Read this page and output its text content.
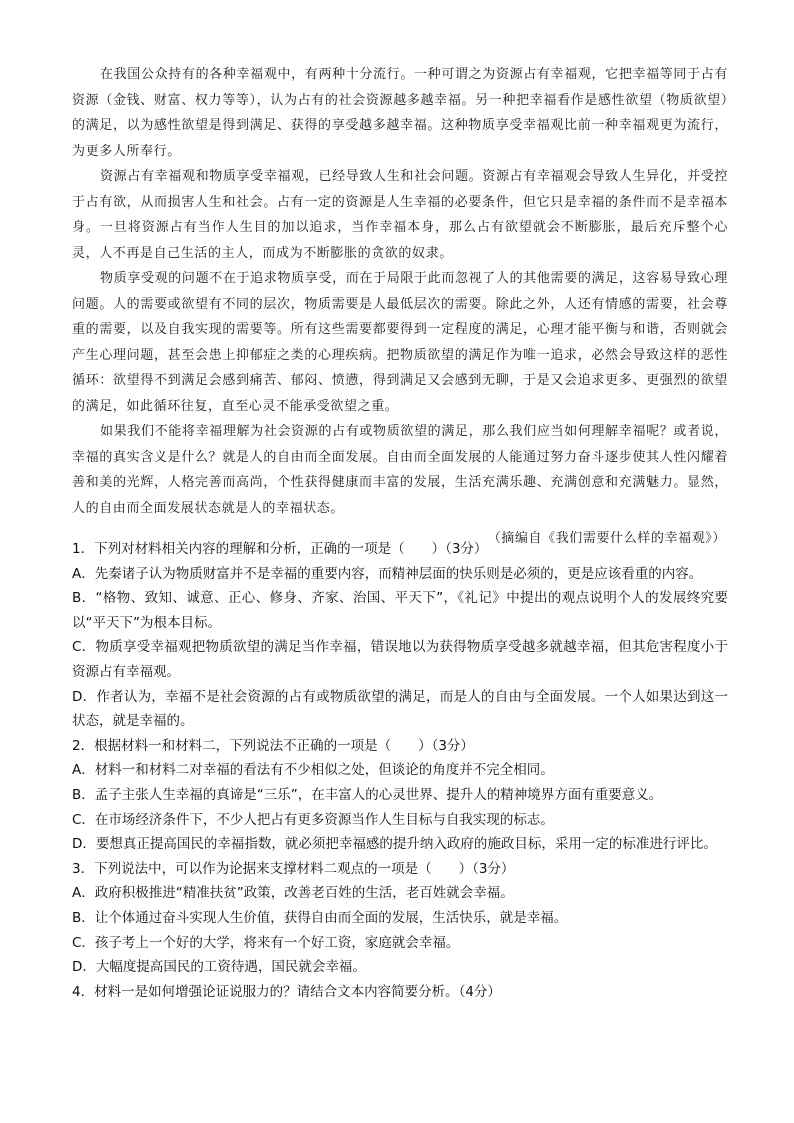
在我国公众持有的各种幸福观中，有两种十分流行。一种可谓之为资源占有幸福观，它把幸福等同于占有资源（金钱、财富、权力等等），认为占有的社会资源越多越幸福。另一种把幸福看作是感性欲望（物质欲望）的满足，以为感性欲望是得到满足、获得的享受越多越幸福。这种物质享受幸福观比前一种幸福观更为流行，为更多人所奉行。

资源占有幸福观和物质享受幸福观，已经导致人生和社会问题。资源占有幸福观会导致人生异化，并受控于占有欲，从而损害人生和社会。占有一定的资源是人生幸福的必要条件，但它只是幸福的条件而不是幸福本身。一旦将资源占有当作人生目的加以追求，当作幸福本身，那么占有欲望就会不断膨胀，最后充斥整个心灵，人不再是自己生活的主人，而成为不断膨胀的贪欲的奴隶。

物质享受观的问题不在于追求物质享受，而在于局限于此而忽视了人的其他需要的满足，这容易导致心理问题。人的需要或欲望有不同的层次，物质需要是人最低层次的需要。除此之外，人还有情感的需要，社会尊重的需要，以及自我实现的需要等。所有这些需要都要得到一定程度的满足，心理才能平衡与和谐，否则就会产生心理问题，甚至会患上抑郁症之类的心理疾病。把物质欲望的满足作为唯一追求，必然会导致这样的恶性循环：欲望得不到满足会感到痛苦、郁闷、愤懑，得到满足又会感到无聊，于是又会追求更多、更强烈的欲望的满足，如此循环往复，直至心灵不能承受欲望之重。

如果我们不能将幸福理解为社会资源的占有或物质欲望的满足，那么我们应当如何理解幸福呢？或者说，幸福的真实含义是什么？就是人的自由而全面发展。自由而全面发展的人能通过努力奋斗逐步使其人性闪耀着善和美的光辉，人格完善而高尚，个性获得健康而丰富的发展，生活充满乐趣、充满创意和充满魅力。显然，人的自由而全面发展状态就是人的幸福状态。

（摘编自《我们需要什么样的幸福观》）

1．下列对材料相关内容的理解和分析，正确的一项是（　　）（3分）

A．先秦诸子认为物质财富并不是幸福的重要内容，而精神层面的快乐则是必须的，更是应该看重的内容。

B．“格物、致知、诚意、正心、修身、齐家、治国、平天下”，《礼记》中提出的观点说明个人的发展终究要以“平天下”为根本目标。

C．物质享受幸福观把物质欲望的满足当作幸福，错误地以为获得物质享受越多就越幸福，但其危害程度小于资源占有幸福观。

D．作者认为，幸福不是社会资源的占有或物质欲望的满足，而是人的自由与全面发展。一个人如果达到这一状态，就是幸福的。

2．根据材料一和材料二，下列说法不正确的一项是（　　）（3分）

A．材料一和材料二对幸福的看法有不少相似之处，但谈论的角度并不完全相同。

B．孟子主张人生幸福的真谛是“三乐”，在丰富人的心灵世界、提升人的精神境界方面有重要意义。

C．在市场经济条件下，不少人把占有更多资源当作人生目标与自我实现的标志。

D．要想真正提高国民的幸福指数，就必须把幸福感的提升纳入政府的施政目标，采用一定的标准进行评比。

3．下列说法中，可以作为论据来支撑材料二观点的一项是（　　）（3分）

A．政府积极推进“精准扶贫”政策，改善老百姓的生活，老百姓就会幸福。

B．让个体通过奋斗实现人生价值，获得自由而全面的发展，生活快乐，就是幸福。

C．孩子考上一个好的大学，将来有一个好工资，家庭就会幸福。

D．大幅度提高国民的工资待遇，国民就会幸福。

4．材料一是如何增强论证说服力的？请结合文本内容简要分析。（4分）
